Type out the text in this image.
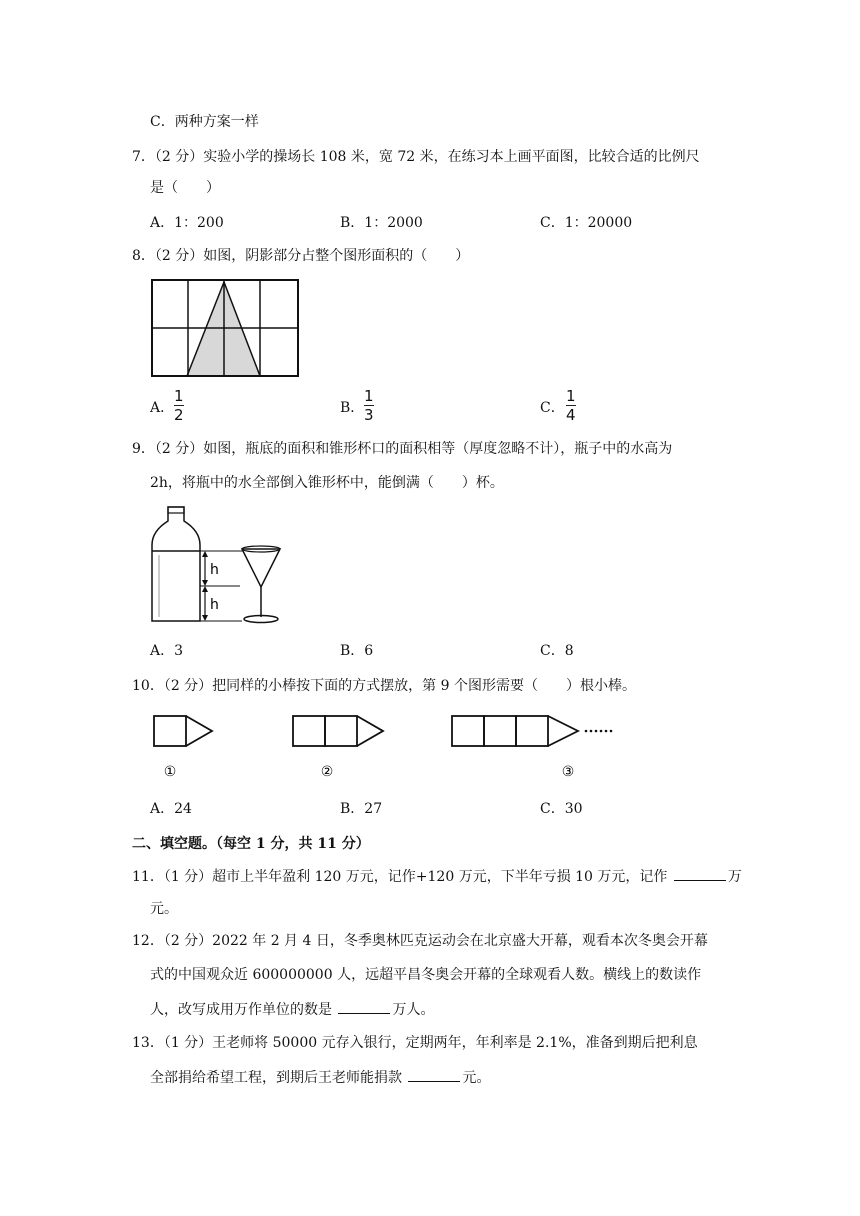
C．两种方案一样
7．（2 分）实验小学的操场长 108 米，宽 72 米，在练习本上画平面图，比较合适的比例尺
是（　　）
A．1：200	B．1：2000	C．1：20000
8．（2 分）如图，阴影部分占整个图形面积的（　　）
A．
1
2	B．
1
3	C．
1
4
9．（2 分）如图，瓶底的面积和锥形杯口的面积相等（厚度忽略不计），瓶子中的水高为
2h，将瓶中的水全部倒入锥形杯中，能倒满（　　）杯。
h
h
A．3	B．6	C．8
10．（2 分）把同样的小棒按下面的方式摆放，第 9 个图形需要（　　）根小棒。
①	②	③
A．24	B．27	C．30
二、填空题。（每空 1 分，共 11 分）
11．（1 分）超市上半年盈利 120 万元，记作+120 万元，下半年亏损 10 万元，记作	万
元。
12．（2 分）2022 年 2 月 4 日，冬季奥林匹克运动会在北京盛大开幕，观看本次冬奥会开幕
式的中国观众近 600000000 人，远超平昌冬奥会开幕的全球观看人数。横线上的数读作
人，改写成用万作单位的数是	万人。
13．（1 分）王老师将 50000 元存入银行，定期两年，年利率是 2.1%，准备到期后把利息
全部捐给希望工程，到期后王老师能捐款	元。
